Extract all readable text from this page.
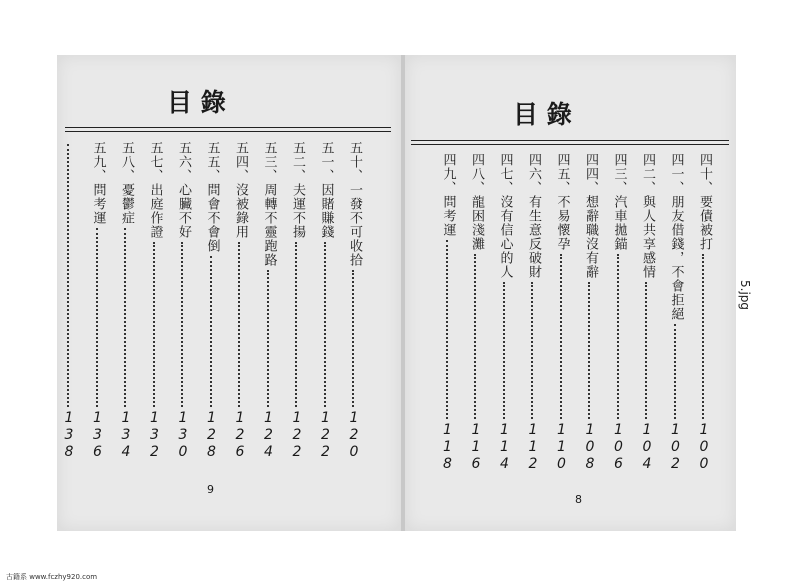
目 錄
五十、一發不可收拾
1
2
0
五一、因賭賺錢
1
2
2
五二、夫運不揚
1
2
2
五三、周轉不靈跑路
1
2
4
五四、沒被錄用
1
2
6
五五、問會不會倒
1
2
8
五六、心臟不好
1
3
0
五七、出庭作證
1
3
2
五八、憂鬱症
1
3
4
五九、問考運
1
3
6
1
3
8
9
目 錄
四十、要債被打
1
0
0
四一、朋友借錢，不會拒絕
1
0
2
四二、與人共享感情
1
0
4
四三、汽車拋錨
1
0
6
四四、想辭職沒有辭
1
0
8
四五、不易懷孕
1
1
0
四六、有生意反破財
1
1
2
四七、沒有信心的人
1
1
4
四八、龍困淺灘
1
1
6
四九、問考運
1
1
8
8
5.jpg
古籍系 www.fczhy920.com
